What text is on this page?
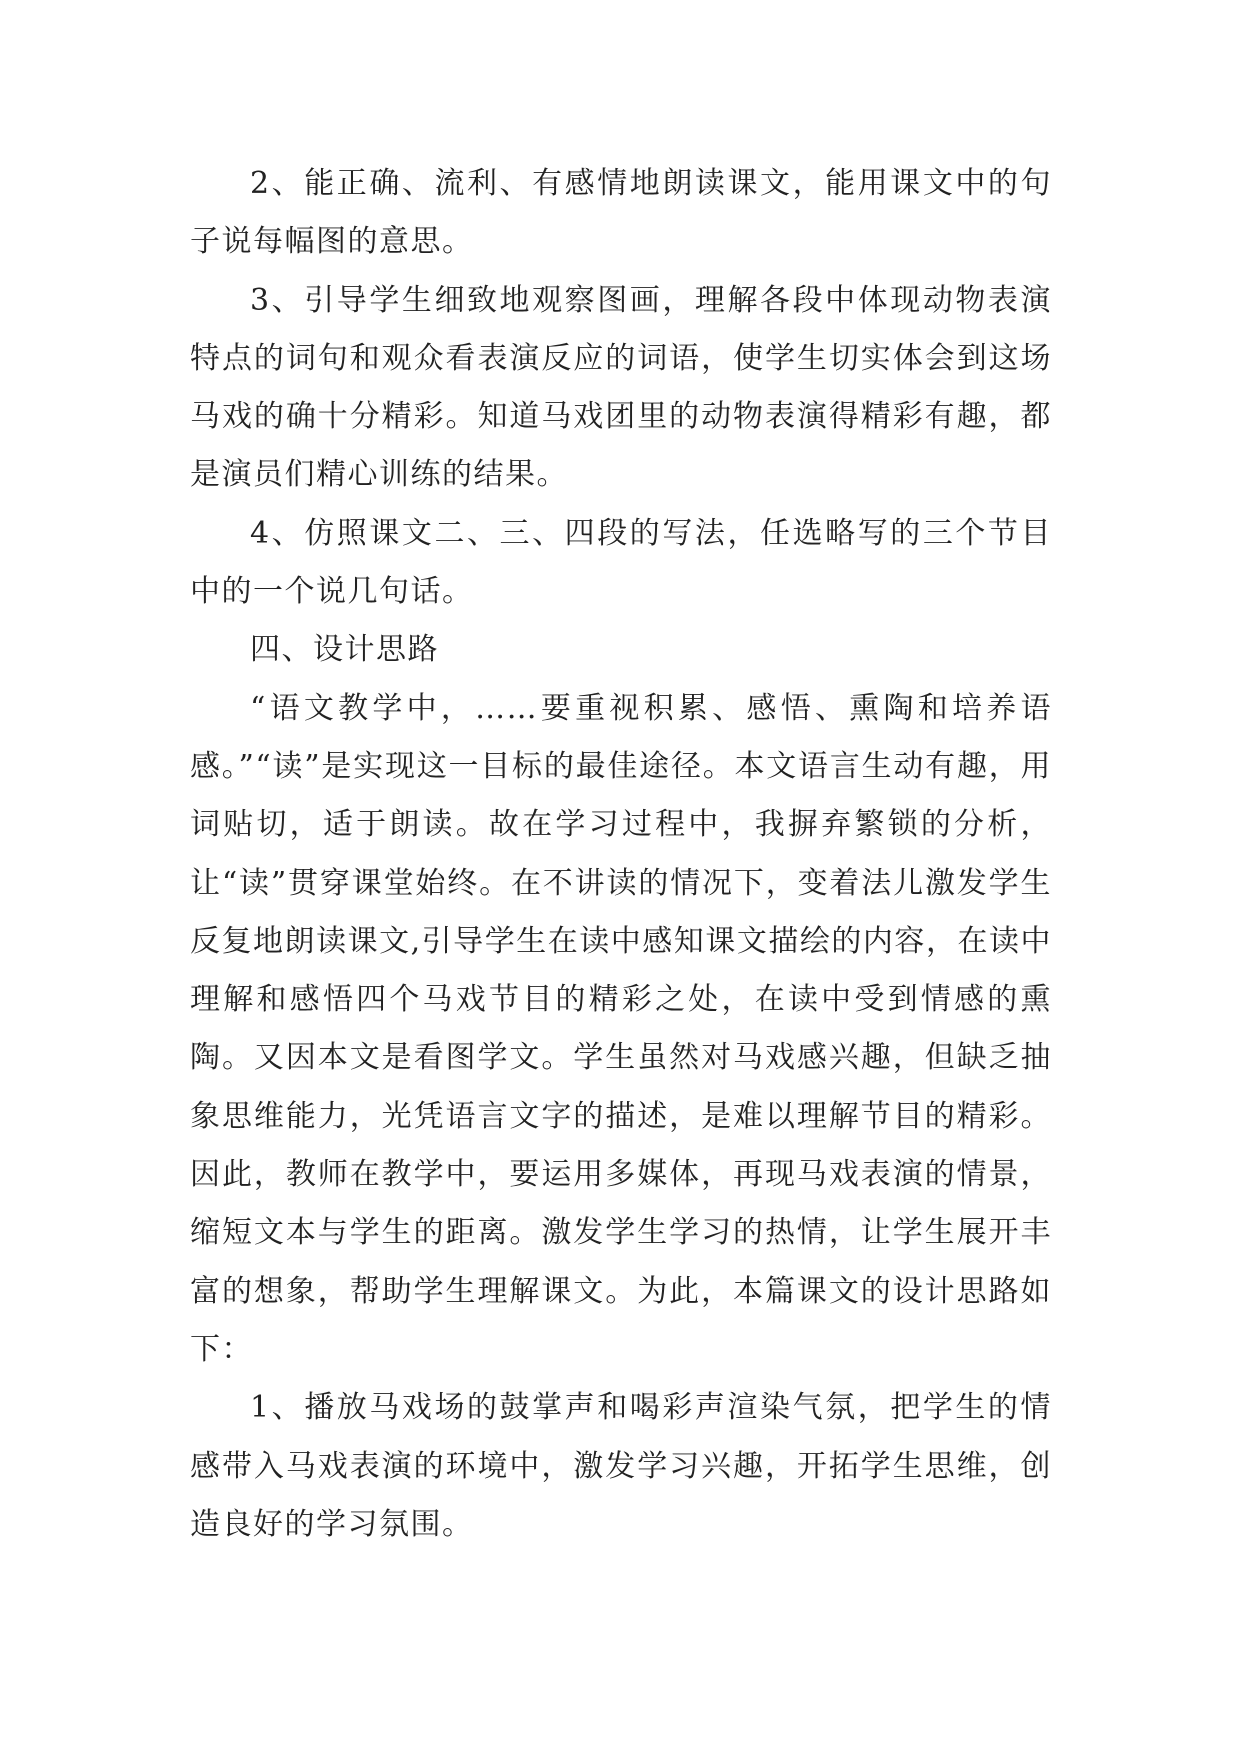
2、能正确、流利、有感情地朗读课文，能用课文中的句子说每幅图的意思。

3、引导学生细致地观察图画，理解各段中体现动物表演特点的词句和观众看表演反应的词语，使学生切实体会到这场马戏的确十分精彩。知道马戏团里的动物表演得精彩有趣，都是演员们精心训练的结果。

4、仿照课文二、三、四段的写法，任选略写的三个节目中的一个说几句话。

四、设计思路

“语文教学中，……要重视积累、感悟、熏陶和培养语感。”“读”是实现这一目标的最佳途径。本文语言生动有趣，用词贴切，适于朗读。故在学习过程中，我摒弃繁锁的分析，让“读”贯穿课堂始终。在不讲读的情况下，变着法儿激发学生反复地朗读课文,引导学生在读中感知课文描绘的内容，在读中理解和感悟四个马戏节目的精彩之处，在读中受到情感的熏陶。又因本文是看图学文。学生虽然对马戏感兴趣，但缺乏抽象思维能力，光凭语言文字的描述，是难以理解节目的精彩。因此，教师在教学中，要运用多媒体，再现马戏表演的情景，缩短文本与学生的距离。激发学生学习的热情，让学生展开丰富的想象，帮助学生理解课文。为此，本篇课文的设计思路如下：

1、播放马戏场的鼓掌声和喝彩声渲染气氛，把学生的情感带入马戏表演的环境中，激发学习兴趣，开拓学生思维，创造良好的学习氛围。
